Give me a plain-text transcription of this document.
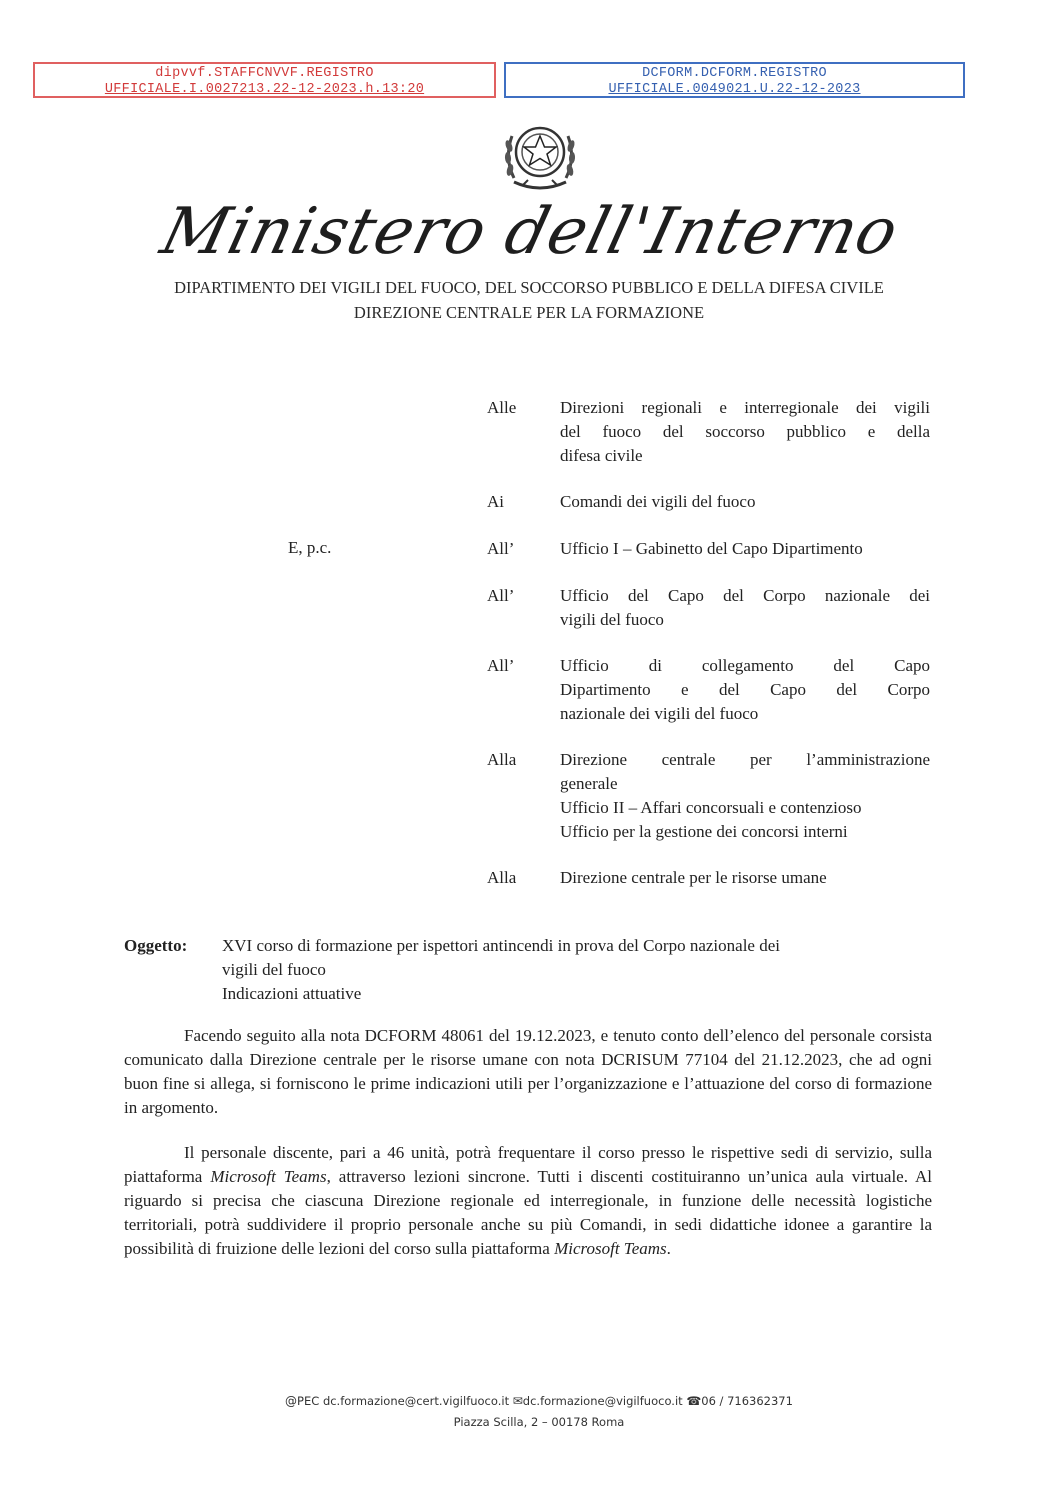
dipvvf.STAFFCNVVF.REGISTRO
UFFICIALE.I.0027213.22-12-2023.h.13:20
DCFORM.DCFORM.REGISTRO
UFFICIALE.0049021.U.22-12-2023
Ministero dell'Interno
DIPARTIMENTO DEI VIGILI DEL FUOCO, DEL SOCCORSO PUBBLICO E DELLA DIFESA CIVILE
DIREZIONE CENTRALE PER LA FORMAZIONE
E, p.c.
Alle	Direzioni regionali e interregionale dei vigili
del fuoco del soccorso pubblico e della
difesa civile
Ai	Comandi dei vigili del fuoco
All’	Ufficio I – Gabinetto del Capo Dipartimento
All’	Ufficio del Capo del Corpo nazionale dei
vigili del fuoco
All’	Ufficio di collegamento del Capo
Dipartimento e del Capo del Corpo
nazionale dei vigili del fuoco
Alla	Direzione centrale per l’amministrazione
generale
Ufficio II – Affari concorsuali e contenzioso
Ufficio per la gestione dei concorsi interni
Alla	Direzione centrale per le risorse umane
Oggetto: XVI corso di formazione per ispettori antincendi in prova del Corpo nazionale dei
vigili del fuoco
Indicazioni attuative
Facendo seguito alla nota DCFORM 48061 del 19.12.2023, e tenuto conto dell’elenco del personale corsista comunicato dalla Direzione centrale per le risorse umane con nota DCRISUM 77104 del 21.12.2023, che ad ogni buon fine si allega, si forniscono le prime indicazioni utili per l’organizzazione e l’attuazione del corso di formazione in argomento.
Il personale discente, pari a 46 unità, potrà frequentare il corso presso le rispettive sedi di servizio, sulla piattaforma Microsoft Teams, attraverso lezioni sincrone. Tutti i discenti costituiranno un’unica aula virtuale. Al riguardo si precisa che ciascuna Direzione regionale ed interregionale, in funzione delle necessità logistiche territoriali, potrà suddividere il proprio personale anche su più Comandi, in sedi didattiche idonee a garantire la possibilità di fruizione delle lezioni del corso sulla piattaforma Microsoft Teams.
@PEC dc.formazione@cert.vigilfuoco.it ✉dc.formazione@vigilfuoco.it ☎06 / 716362371
Piazza Scilla, 2 – 00178 Roma
